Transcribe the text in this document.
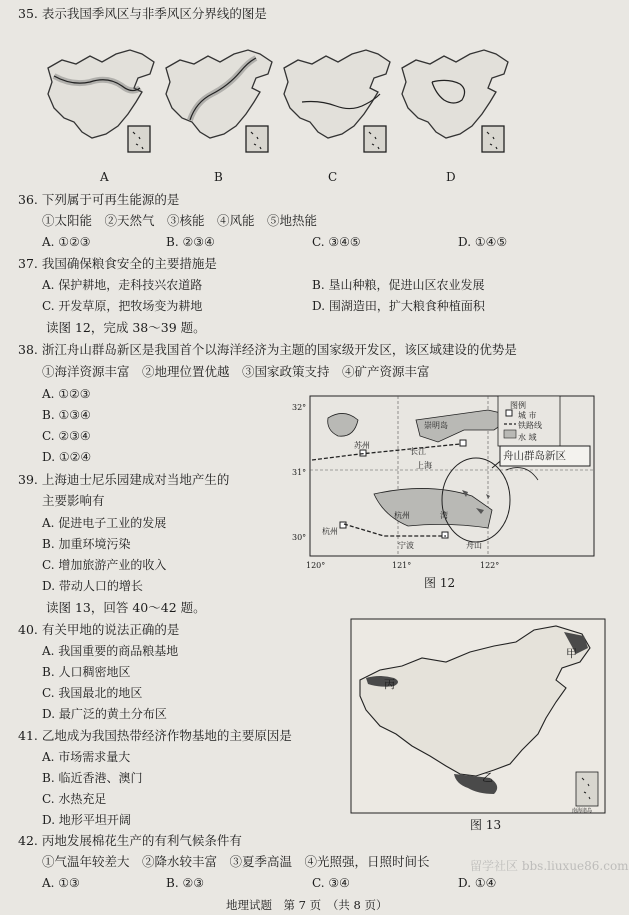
35. 表示我国季风区与非季风区分界线的图是
A	B	C	D
36. 下列属于可再生能源的是
①太阳能　②天然气　③核能　④风能　⑤地热能
A. ①②③	B. ②③④	C. ③④⑤	D. ①④⑤
37. 我国确保粮食安全的主要措施是
A. 保护耕地，走科技兴农道路	B. 垦山种粮，促进山区农业发展
C. 开发草原，把牧场变为耕地	D. 围湖造田，扩大粮食种植面积
读图 12，完成 38～39 题。
38. 浙江舟山群岛新区是我国首个以海洋经济为主题的国家级开发区，该区域建设的优势是
①海洋资源丰富　②地理位置优越　③国家政策支持　④矿产资源丰富
A. ①②③
B. ①③④
C. ②③④
D. ①②④
39. 上海迪士尼乐园建成对当地产生的
主要影响有
A. 促进电子工业的发展
B. 加重环境污染
C. 增加旅游产业的收入
D. 带动人口的增长
读图 13，回答 40～42 题。
32°
31°
30°
120°	121°	122°
崇明岛
苏州
长江
上海
杭州	湾
杭州
宁波	舟山
图例
城 市
铁路线
水 域
舟山群岛新区
图 12
40. 有关甲地的说法正确的是
A. 我国重要的商品粮基地
B. 人口稠密地区
C. 我国最北的地区
D. 最广泛的黄土分布区
41. 乙地成为我国热带经济作物基地的主要原因是
A. 市场需求量大
B. 临近香港、澳门
C. 水热充足
D. 地形平坦开阔
甲
丙
乙
南海诸岛
图 13
42. 丙地发展棉花生产的有利气候条件有
①气温年较差大　②降水较丰富　③夏季高温　④光照强，日照时间长
A. ①③	B. ②③	C. ③④	D. ①④
地理试题　第 7 页　（共 8 页）
留学社区 bbs.liuxue86.com
